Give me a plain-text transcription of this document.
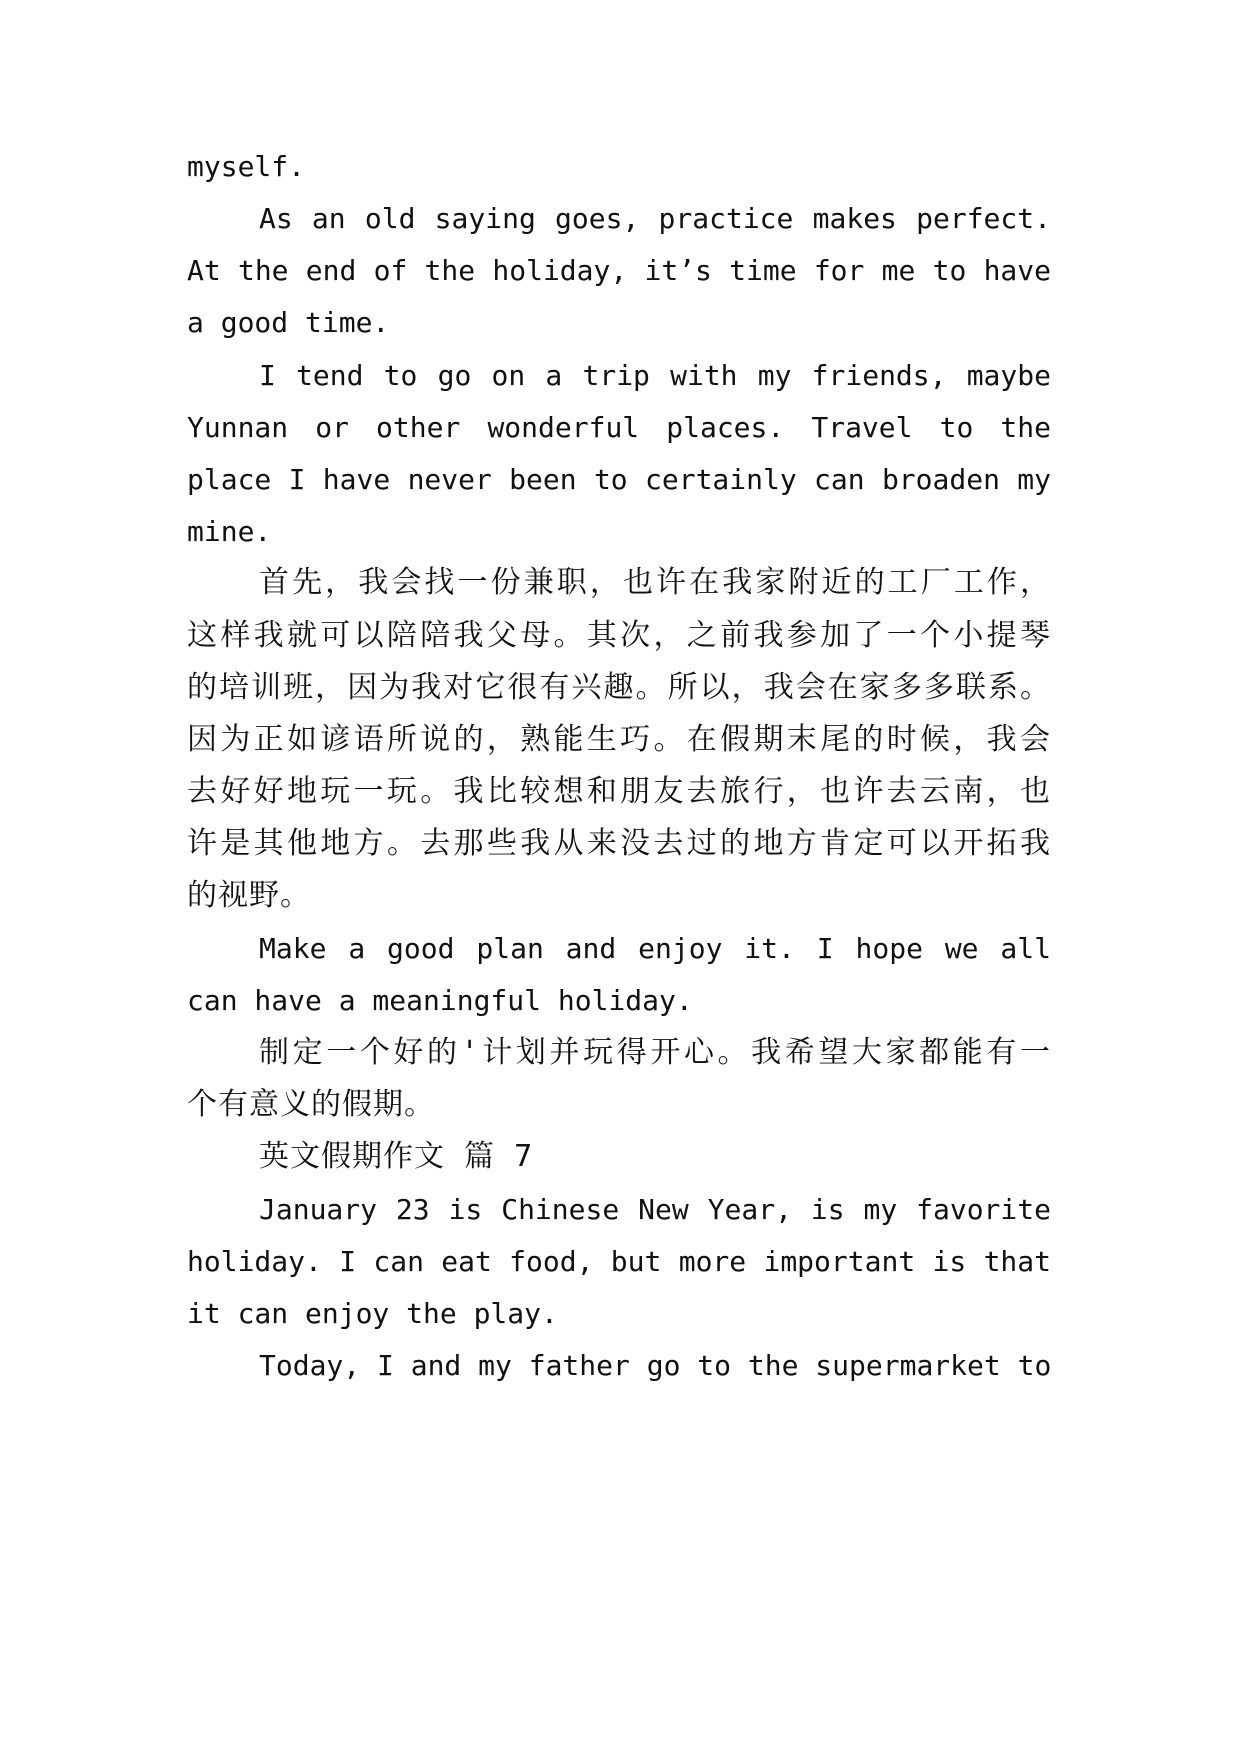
myself.
As an old saying goes, practice makes perfect.
At the end of the holiday, it’s time for me to have
a good time.
I tend to go on a trip with my friends, maybe
Yunnan or other wonderful places. Travel to the
place I have never been to certainly can broaden my
mine.
首先，我会找一份兼职，也许在我家附近的工厂工作，
这样我就可以陪陪我父母。其次，之前我参加了一个小提琴
的培训班，因为我对它很有兴趣。所以，我会在家多多联系。
因为正如谚语所说的，熟能生巧。在假期末尾的时候，我会
去好好地玩一玩。我比较想和朋友去旅行，也许去云南，也
许是其他地方。去那些我从来没去过的地方肯定可以开拓我
的视野。
Make a good plan and enjoy it. I hope we all
can have a meaningful holiday.
制定一个好的'计划并玩得开心。我希望大家都能有一
个有意义的假期。
英文假期作文 篇 7
January 23 is Chinese New Year, is my favorite
holiday. I can eat food, but more important is that
it can enjoy the play.
Today, I and my father go to the supermarket to
